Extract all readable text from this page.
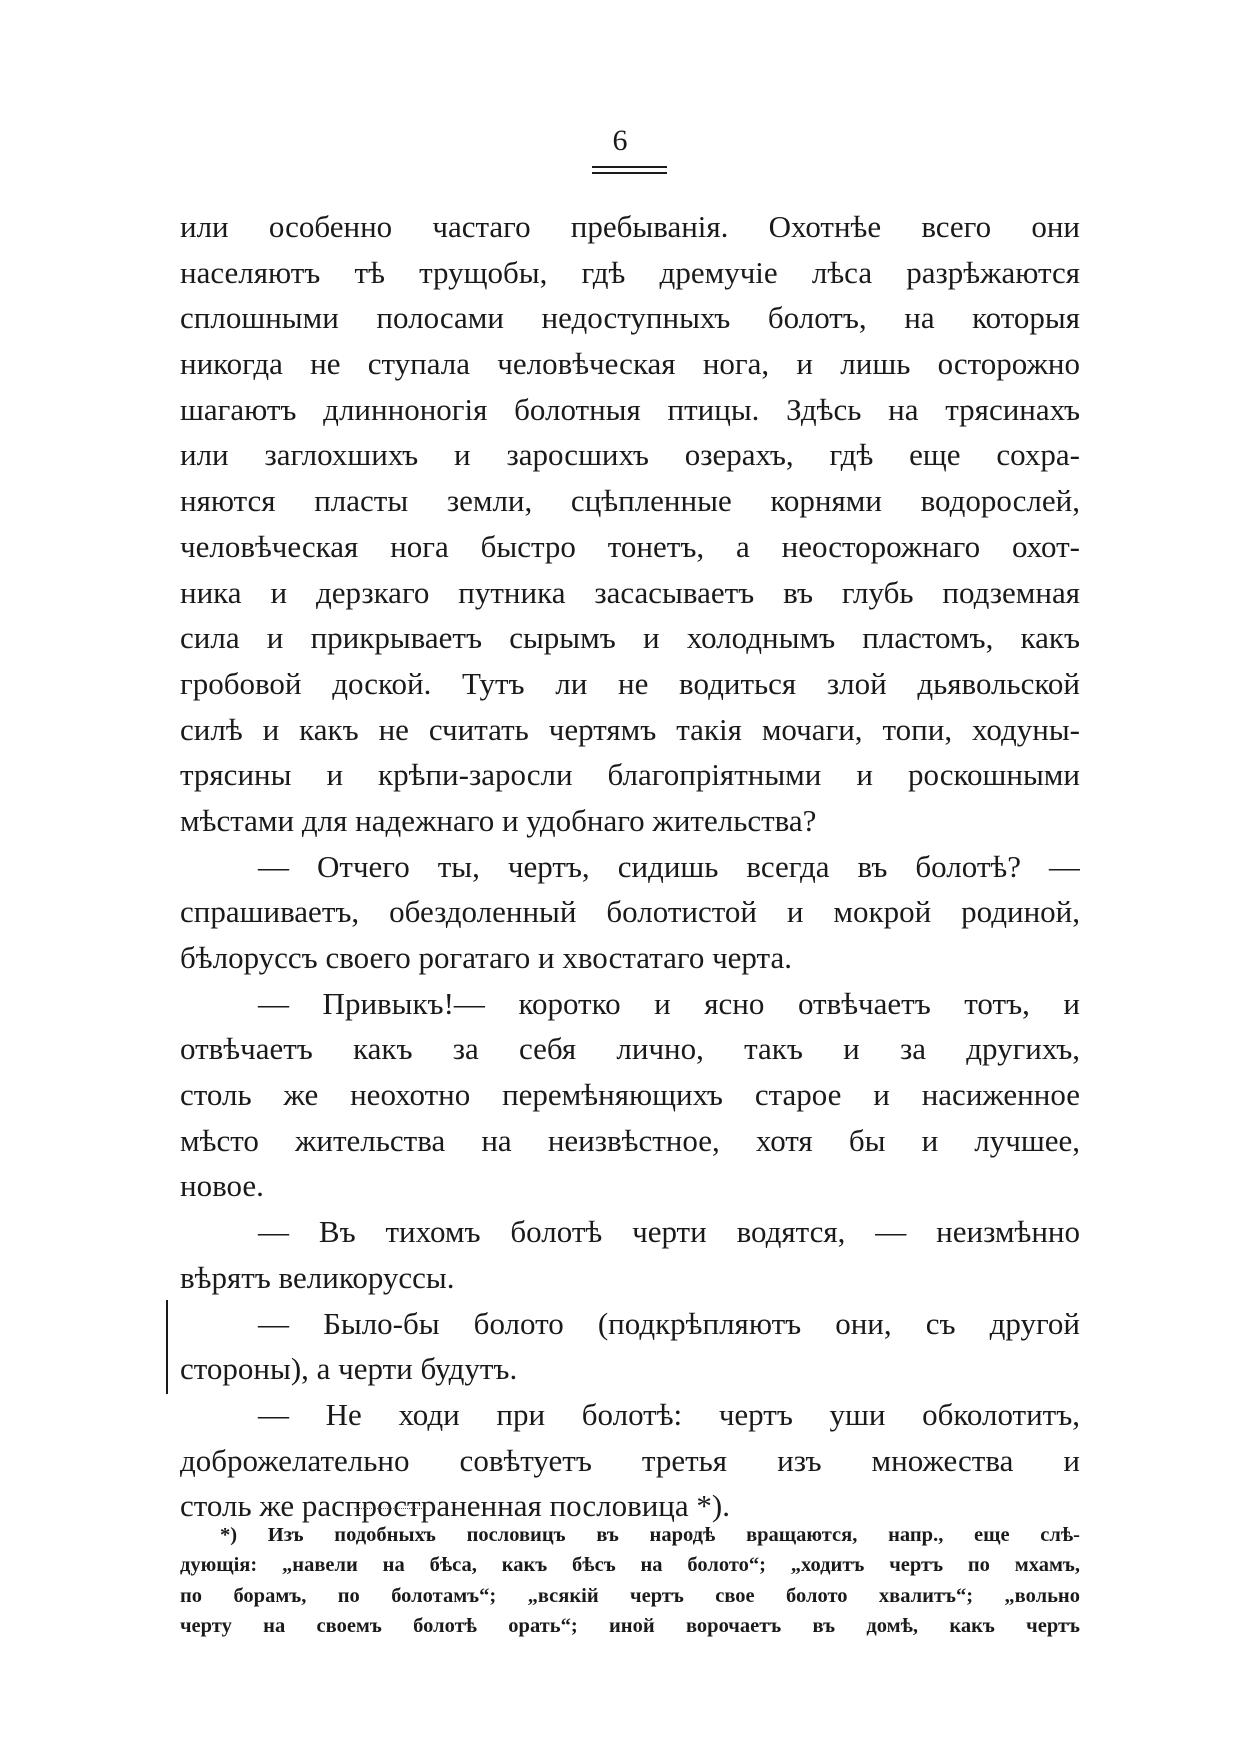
6
или особенно частаго пребыванія. Охотнѣе всего они
населяютъ тѣ трущобы, гдѣ дремучіе лѣса разрѣжаются
сплошными полосами недоступныхъ болотъ, на которыя
никогда не ступала человѣческая нога, и лишь осторожно
шагаютъ длинноногія болотныя птицы. Здѣсь на трясинахъ
или заглохшихъ и заросшихъ озерахъ, гдѣ еще сохра-
няются пласты земли, сцѣпленные корнями водорослей,
человѣческая нога быстро тонетъ, а неосторожнаго охот-
ника и дерзкаго путника засасываетъ въ глубь подземная
сила и прикрываетъ сырымъ и холоднымъ пластомъ, какъ
гробовой доской. Тутъ ли не водиться злой дьявольской
силѣ и какъ не считать чертямъ такія мочаги, топи, ходуны-
трясины и крѣпи-заросли благопріятными и роскошными
мѣстами для надежнаго и удобнаго жительства?
— Отчего ты, чертъ, сидишь всегда въ болотѣ? —
спрашиваетъ, обездоленный болотистой и мокрой родиной,
бѣлоруссъ своего рогатаго и хвостатаго черта.
— Привыкъ!— коротко и ясно отвѣчаетъ тотъ, и
отвѣчаетъ какъ за себя лично, такъ и за другихъ,
столь же неохотно перемѣняющихъ старое и насиженное
мѣсто жительства на неизвѣстное, хотя бы и лучшее,
новое.
— Въ тихомъ болотѣ черти водятся, — неизмѣнно
вѣрятъ великоруссы.
— Было-бы болото (подкрѣпляютъ они, съ другой
стороны), а черти будутъ.
— Не ходи при болотѣ: чертъ уши обколотитъ,
доброжелательно совѣтуетъ третья изъ множества и
столь же распространенная пословица *).
*) Изъ подобныхъ пословицъ въ народѣ вращаются, напр., еще слѣ-
дующія: „навели на бѣса, какъ бѣсъ на болото“; „ходитъ чертъ по мхамъ,
по борамъ, по болотамъ“; „всякій чертъ свое болото хвалитъ“; „вольно
черту на своемъ болотѣ орать“; иной ворочаетъ въ домѣ, какъ чертъ
